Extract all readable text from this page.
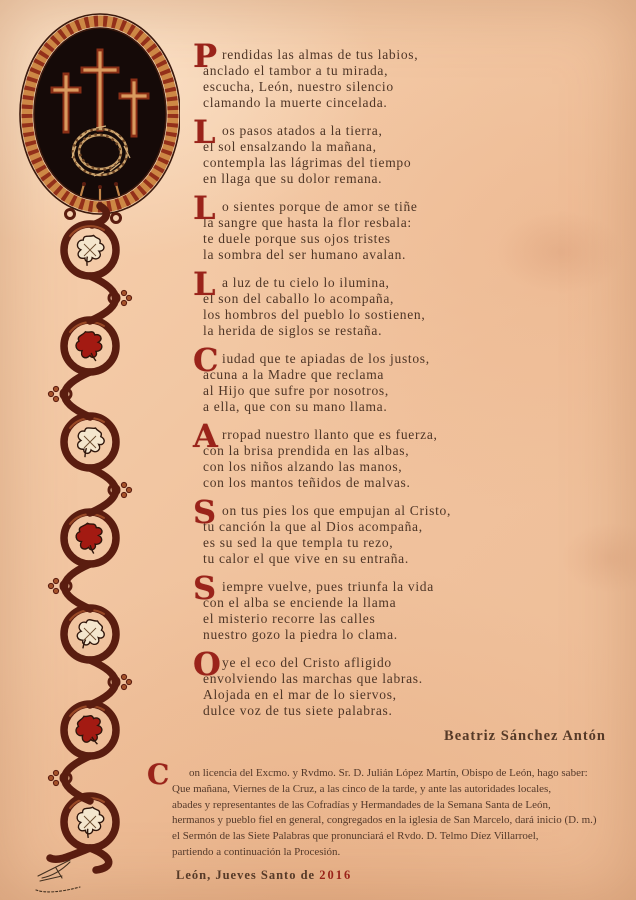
P rendidas las almas de tus labios,
anclado el tambor a tu mirada,
escucha, León, nuestro silencio
clamando la muerte cincelada.
L os pasos atados a la tierra,
el sol ensalzando la mañana,
contempla las lágrimas del tiempo
en llaga que su dolor remana.
L o sientes porque de amor se tiñe
la sangre que hasta la flor resbala:
te duele porque sus ojos tristes
la sombra del ser humano avalan.
L a luz de tu cielo lo ilumina,
el son del caballo lo acompaña,
los hombros del pueblo lo sostienen,
la herida de siglos se restaña.
C iudad que te apiadas de los justos,
acuna a la Madre que reclama
al Hijo que sufre por nosotros,
a ella, que con su mano llama.
A rropad nuestro llanto que es fuerza,
con la brisa prendida en las albas,
con los niños alzando las manos,
con los mantos teñidos de malvas.
S on tus pies los que empujan al Cristo,
tu canción la que al Dios acompaña,
es su sed la que templa tu rezo,
tu calor el que vive en su entraña.
S iempre vuelve, pues triunfa la vida
con el alba se enciende la llama
el misterio recorre las calles
nuestro gozo la piedra lo clama.
O ye el eco del Cristo afligido
envolviendo las marchas que labras.
Alojada en el mar de lo siervos,
dulce voz de tus siete palabras.
Beatriz Sánchez Antón
C	on licencia del Excmo. y Rvdmo. Sr. D. Julián López Martín, Obispo de León, hago saber:
Que mañana, Viernes de la Cruz, a las cinco de la tarde, y ante las autoridades locales,
abades y representantes de las Cofradías y Hermandades de la Semana Santa de León,
hermanos y pueblo fiel en general, congregados en la iglesia de San Marcelo, dará inicio (D. m.)
el Sermón de las Siete Palabras que pronunciará el Rvdo. D. Telmo Díez Villarroel,
partiendo a continuación la Procesión.
León, Jueves Santo de 2016
